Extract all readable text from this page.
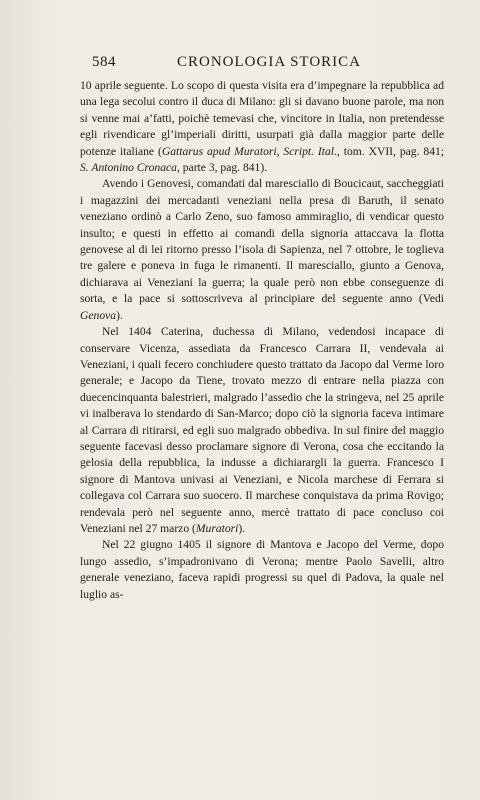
584	CRONOLOGIA STORICA

10 aprile seguente. Lo scopo di questa visita era d’impegnare la repubblica ad una lega secolui contro il duca di Milano: gli si davano buone parole, ma non si venne mai a’fatti, poichè temevasi che, vincitore in Italia, non pretendesse egli rivendicare gl’imperiali diritti, usurpati già dalla maggior parte delle potenze italiane (Gattarus apud Muratori, Script. Ital., tom. XVII, pag. 841; S. Antonino Cronaca, parte 3, pag. 841).

Avendo i Genovesi, comandati dal maresciallo di Boucicaut, saccheggiati i magazzini dei mercadanti veneziani nella presa di Baruth, il senato veneziano ordinò a Carlo Zeno, suo famoso ammiraglio, di vendicar questo insulto; e questi in effetto ai comandi della signoria attaccava la flotta genovese al di lei ritorno presso l’isola di Sapienza, nel 7 ottobre, le toglieva tre galere e poneva in fuga le rimanenti. Il maresciallo, giunto a Genova, dichiarava ai Veneziani la guerra; la quale però non ebbe conseguenze di sorta, e la pace si sottoscriveva al principiare del seguente anno (Vedi Genova).

Nel 1404 Caterina, duchessa di Milano, vedendosi incapace di conservare Vicenza, assediata da Francesco Carrara II, vendevala ai Veneziani, i quali fecero conchiudere questo trattato da Jacopo dal Verme loro generale; e Jacopo da Tiene, trovato mezzo di entrare nella piazza con duecencinquanta balestrieri, malgrado l’assedio che la stringeva, nel 25 aprile vi inalberava lo stendardo di San-Marco; dopo ciò la signoria faceva intimare al Carrara di ritirarsi, ed egli suo malgrado obbediva. In sul finire del maggio seguente facevasi desso proclamare signore di Verona, cosa che eccitando la gelosia della repubblica, la indusse a dichiarargli la guerra. Francesco I signore di Mantova univasi ai Veneziani, e Nicola marchese di Ferrara si collegava col Carrara suo suocero. Il marchese conquistava da prima Rovigo; rendevala però nel seguente anno, mercè trattato di pace concluso coi Veneziani nel 27 marzo (Muratori).

Nel 22 giugno 1405 il signore di Mantova e Jacopo del Verme, dopo lungo assedio, s’impadronivano di Verona; mentre Paolo Savelli, altro generale veneziano, faceva rapidi progressi su quel di Padova, la quale nel luglio as-
